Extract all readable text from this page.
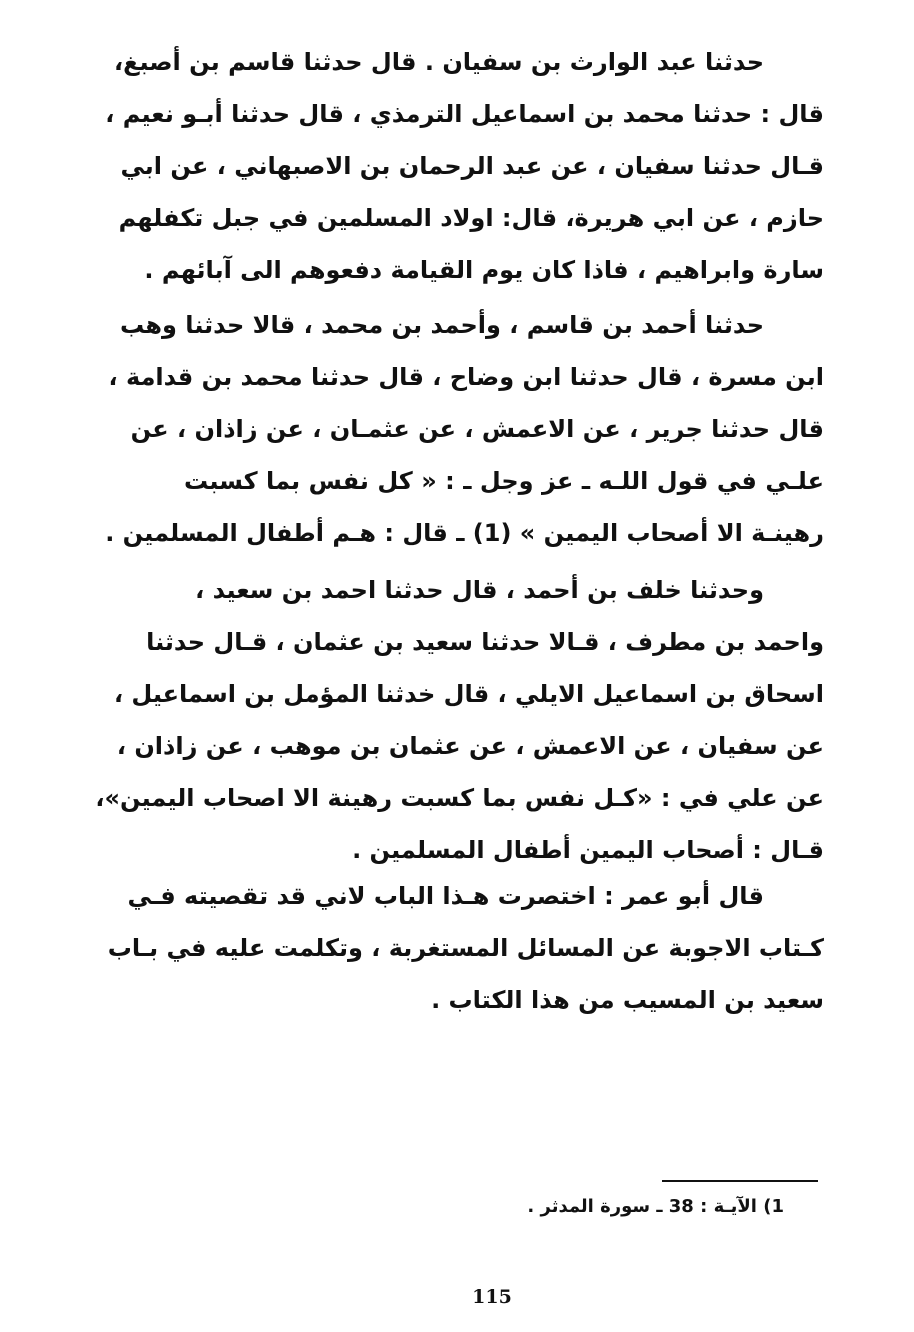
حدثنا عبد الوارث بن سفيان . قال حدثنا قاسم بن أصبغ،
قال : حدثنا محمد بن اسماعيل الترمذي ، قال حدثنا أبـو نعيم ،
قـال حدثنا سفيان ، عن عبد الرحمان بن الاصبهاني ، عن ابي
حازم ، عن ابي هريرة، قال: اولاد المسلمين في جبل تكفلهم
سارة وابراهيم ، فاذا كان يوم القيامة دفعوهم الى آبائهم .
حدثنا أحمد بن قاسم ، وأحمد بن محمد ، قالا حدثنا وهب
ابن مسرة ، قال حدثنا ابن وضاح ، قال حدثنا محمد بن قدامة ،
قال حدثنا جرير ، عن الاعمش ، عن عثمـان ، عن زاذان ، عن
علـي في قول اللـه ـ عز وجل ـ : « كل نفس بما كسبت
رهينـة الا أصحاب اليمين » (1) ـ قال : هـم أطفال المسلمين .
وحدثنا خلف بن أحمد ، قال حدثنا احمد بن سعيد ،
واحمد بن مطرف ، قـالا حدثنا سعيد بن عثمان ، قـال حدثنا
اسحاق بن اسماعيل الايلي ، قال خدثنا المؤمل بن اسماعيل ،
عن سفيان ، عن الاعمش ، عن عثمان بن موهب ، عن زاذان ،
عن علي في : «كـل نفس بما كسبت رهينة الا اصحاب اليمين»،
قـال : أصحاب اليمين أطفال المسلمين .
قال أبو عمر : اختصرت هـذا الباب لاني قد تقصيته فـي
كـتاب الاجوبة عن المسائل المستغربة ، وتكلمت عليه في بـاب
سعيد بن المسيب من هذا الكتاب .
1) الآيـة : 38 ـ سورة المدثر .
115
